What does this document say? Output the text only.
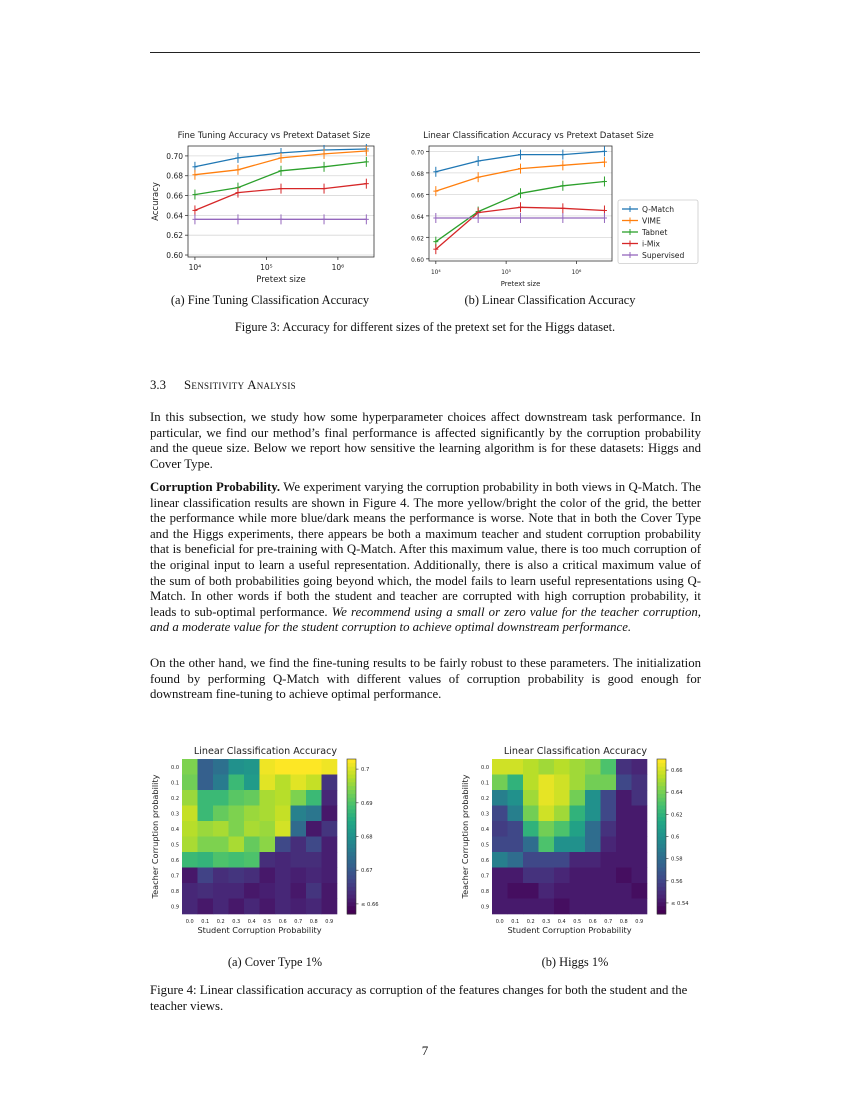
Fine Tuning Accuracy vs Pretext Dataset Size
0.60
0.62
0.64
0.66
0.68
0.70
10⁴	10⁵	10⁶
Pretext size
Accuracy
Linear Classification Accuracy vs Pretext Dataset Size
0.60
0.62
0.64
0.66
0.68
0.70
10⁴	10⁵	10⁶
Pretext size
Q-Match
VIME
Tabnet
i-Mix
Supervised
(a) Fine Tuning Classification Accuracy	(b) Linear Classification Accuracy
Figure 3: Accuracy for different sizes of the pretext set for the Higgs dataset.
3.3 Sensitivity Analysis

In this subsection, we study how some hyperparameter choices affect downstream task performance. In particular, we find our method’s final performance is affected significantly by the corruption probability and the queue size. Below we report how sensitive the learning algorithm is for these datasets: Higgs and Cover Type.

Corruption Probability. We experiment varying the corruption probability in both views in Q-Match. The linear classification results are shown in Figure 4. The more yellow/bright the color of the grid, the better the performance while more blue/dark means the performance is worse. Note that in both the Cover Type and the Higgs experiments, there appears be both a maximum teacher and student corruption probability that is beneficial for pre-training with Q-Match. After this maximum value, there is too much corruption of the original input to learn a useful representation. Additionally, there is also a critical maximum value of the sum of both probabilities going beyond which, the model fails to learn useful representations using Q-Match. In other words if both the student and teacher are corrupted with high corruption probability, it leads to sub-optimal performance. We recommend using a small or zero value for the teacher corruption, and a moderate value for the student corruption to achieve optimal downstream performance.

On the other hand, we find the fine-tuning results to be fairly robust to these parameters. The initialization found by performing Q-Match with different values of corruption probability is good enough for downstream fine-tuning to achieve optimal performance.

Linear Classification Accuracy
0.0
0.1
0.2
0.3
0.4
0.5
0.6
0.7
0.8
0.9
0.0 0.1 0.2 0.3 0.4 0.5 0.6 0.7 0.8 0.9
Student Corruption Probability
Teacher Corruption probability
0.7
0.69
0.68
0.67
≤ 0.66
Linear Classification Accuracy
0.0
0.1
0.2
0.3
0.4
0.5
0.6
0.7
0.8
0.9
0.0 0.1 0.2 0.3 0.4 0.5 0.6 0.7 0.8 0.9
Student Corruption Probability
Teacher Corruption probability
0.66
0.64
0.62
0.6
0.58
0.56
≤ 0.54
(a) Cover Type 1%	(b) Higgs 1%
Figure 4: Linear classification accuracy as corruption of the features changes for both the student and the teacher views.
7
